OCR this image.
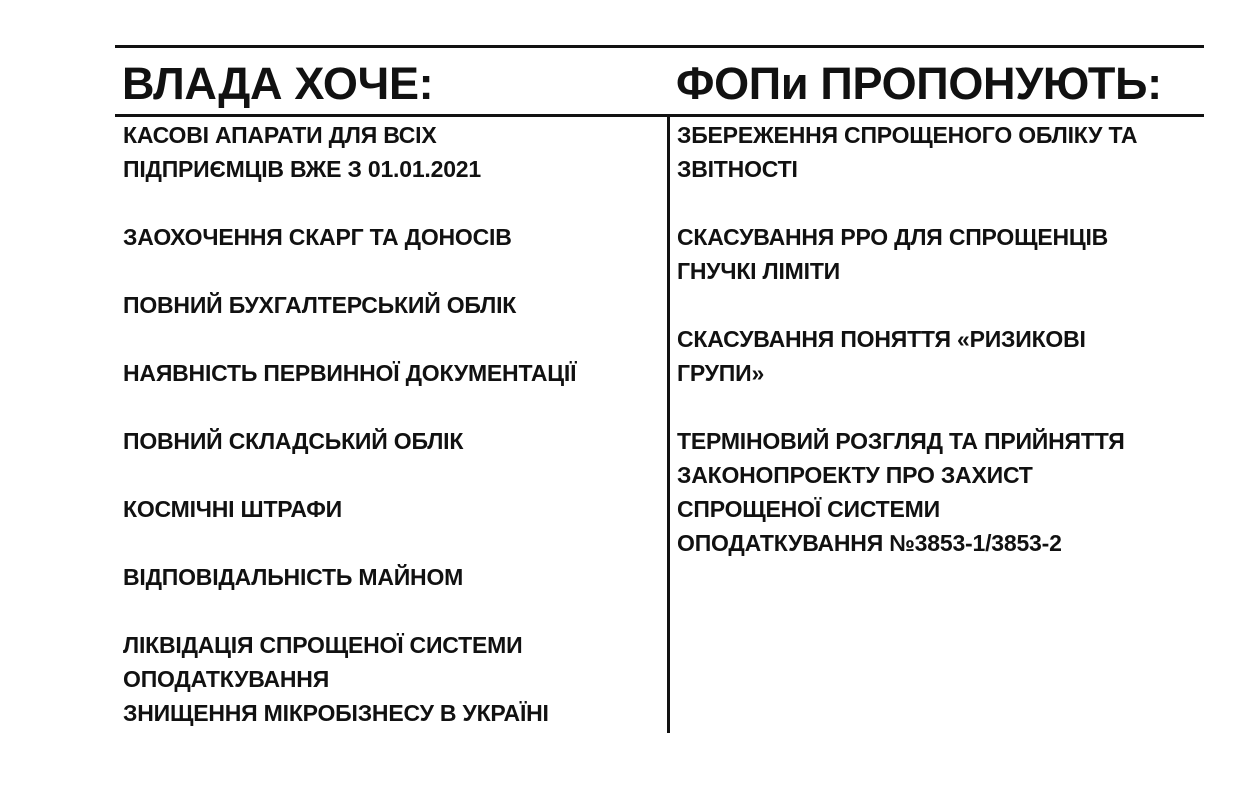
ВЛАДА ХОЧЕ:	ФОПи ПРОПОНУЮТЬ:

КАСОВІ АПАРАТИ ДЛЯ ВСІХ
ПІДПРИЄМЦІВ ВЖЕ З 01.01.2021

ЗАОХОЧЕННЯ СКАРГ ТА ДОНОСІВ

ПОВНИЙ БУХГАЛТЕРСЬКИЙ ОБЛІК

НАЯВНІСТЬ ПЕРВИННОЇ ДОКУМЕНТАЦІЇ

ПОВНИЙ СКЛАДСЬКИЙ ОБЛІК

КОСМІЧНІ ШТРАФИ

ВІДПОВІДАЛЬНІСТЬ МАЙНОМ

ЛІКВІДАЦІЯ СПРОЩЕНОЇ СИСТЕМИ
ОПОДАТКУВАННЯ

ЗНИЩЕННЯ МІКРОБІЗНЕСУ В УКРАЇНІ

ЗБЕРЕЖЕННЯ СПРОЩЕНОГО ОБЛІКУ ТА
ЗВІТНОСТІ

СКАСУВАННЯ РРО ДЛЯ СПРОЩЕНЦІВ
ГНУЧКІ ЛІМІТИ

СКАСУВАННЯ ПОНЯТТЯ «РИЗИКОВІ
ГРУПИ»

ТЕРМІНОВИЙ РОЗГЛЯД ТА ПРИЙНЯТТЯ
ЗАКОНОПРОЕКТУ ПРО ЗАХИСТ
СПРОЩЕНОЇ СИСТЕМИ
ОПОДАТКУВАННЯ №3853-1/3853-2
